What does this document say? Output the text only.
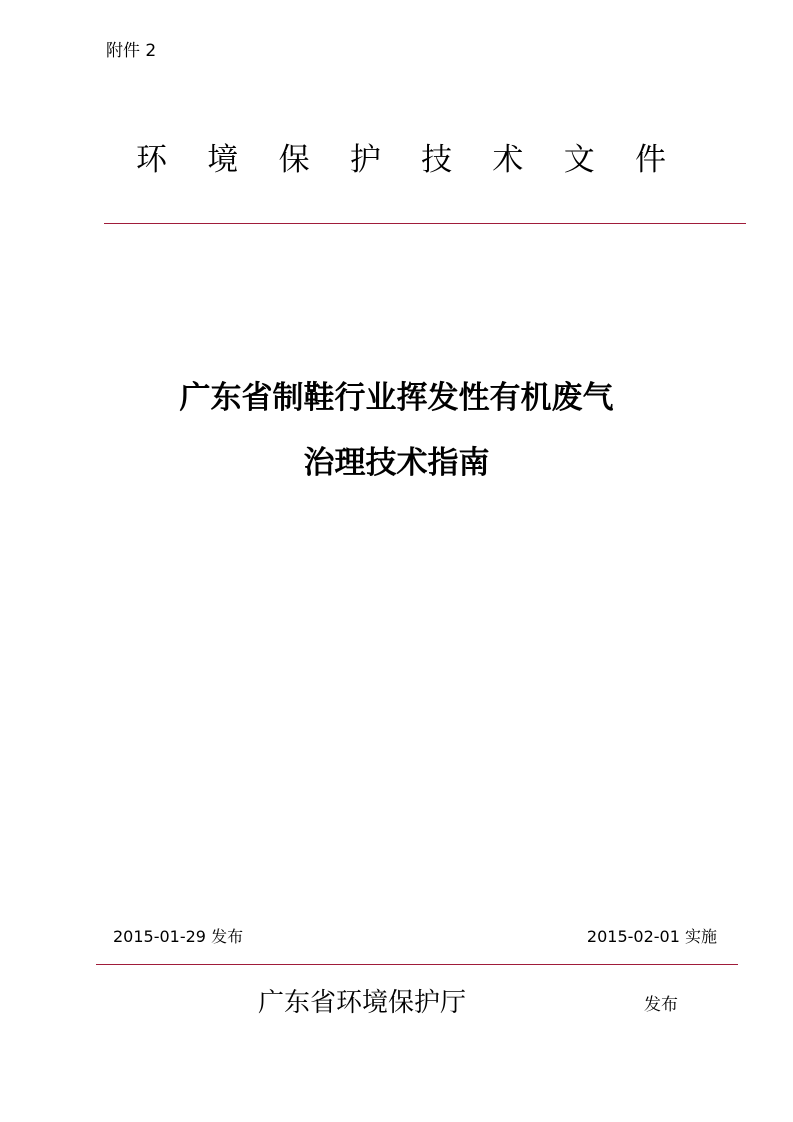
附件 2
环 境 保 护 技 术 文 件
广东省制鞋行业挥发性有机废气
治理技术指南
2015-01-29 发布	2015-02-01 实施
广东省环境保护厅	发布
